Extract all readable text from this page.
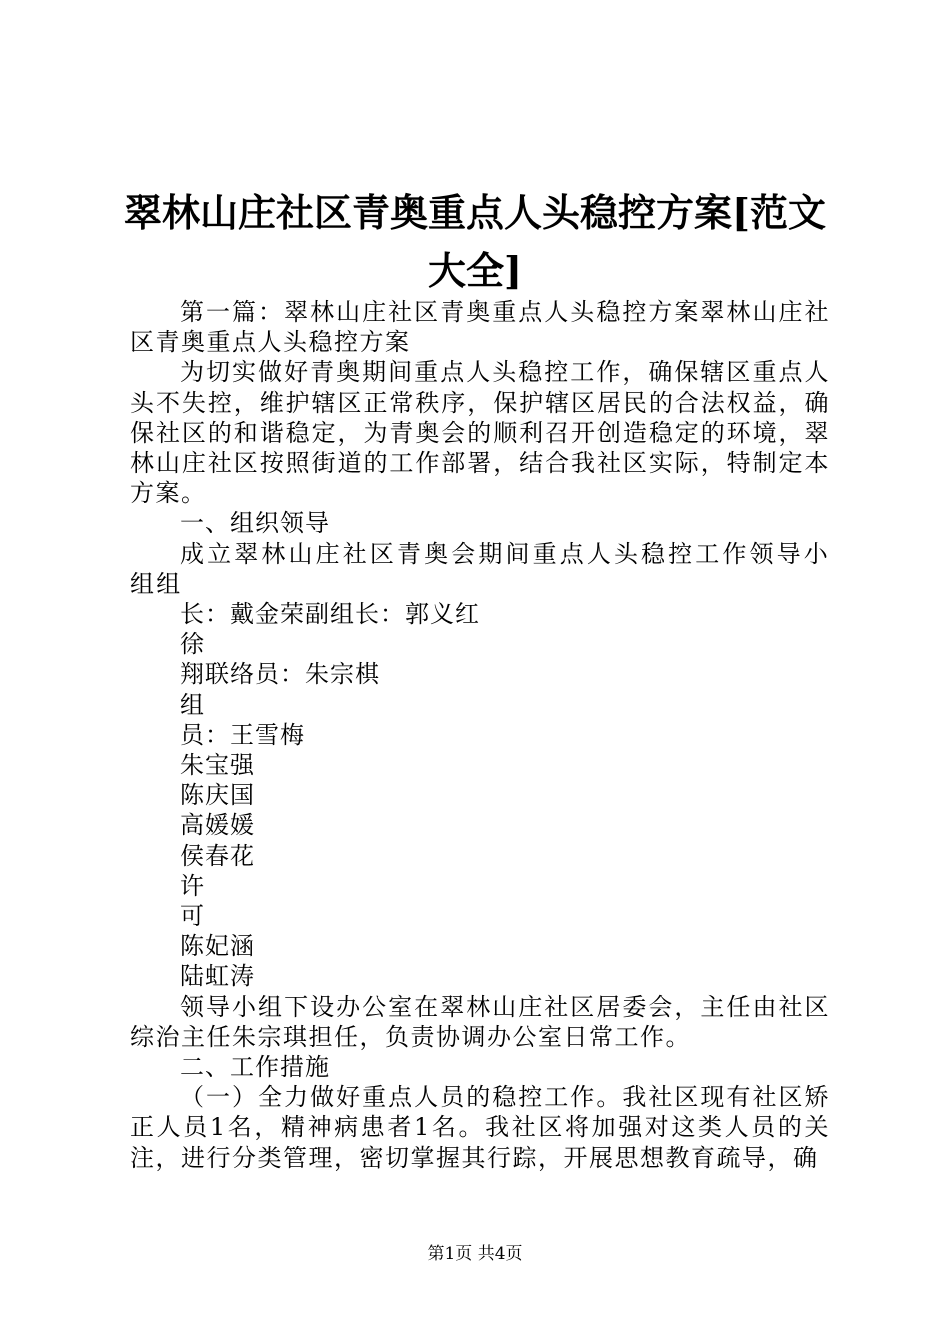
翠林山庄社区青奥重点人头稳控方案[范文大全]

第一篇：翠林山庄社区青奥重点人头稳控方案翠林山庄社区青奥重点人头稳控方案

为切实做好青奥期间重点人头稳控工作，确保辖区重点人头不失控，维护辖区正常秩序，保护辖区居民的合法权益，确保社区的和谐稳定，为青奥会的顺利召开创造稳定的环境，翠林山庄社区按照街道的工作部署，结合我社区实际，特制定本方案。

一、组织领导

成立翠林山庄社区青奥会期间重点人头稳控工作领导小组组

长：戴金荣副组长：郭义红

徐

翔联络员：朱宗棋

组

员：王雪梅

朱宝强

陈庆国

高媛媛

侯春花

许

可

陈妃涵

陆虹涛

领导小组下设办公室在翠林山庄社区居委会，主任由社区综治主任朱宗琪担任，负责协调办公室日常工作。

二、工作措施

（一）全力做好重点人员的稳控工作。我社区现有社区矫正人员1名，精神病患者1名。我社区将加强对这类人员的关注，进行分类管理，密切掌握其行踪，开展思想教育疏导，确

第1页 共4页
